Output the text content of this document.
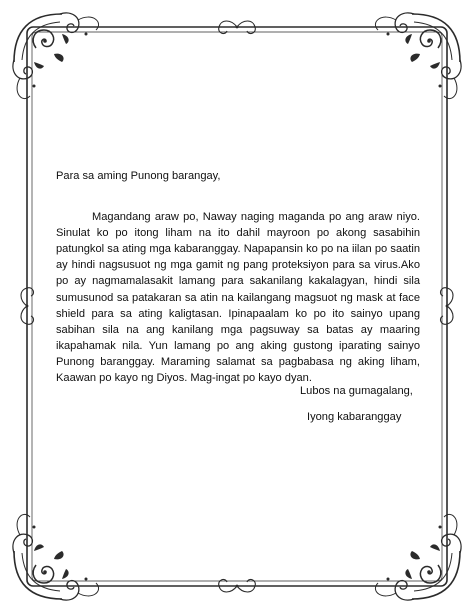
Para sa aming Punong barangay,

Magandang araw po, Naway naging maganda po ang araw niyo. Sinulat ko po itong liham na ito dahil mayroon po akong sasabihin patungkol sa ating mga kabaranggay. Napapansin ko po na iilan po saatin ay hindi nagsusuot ng mga gamit ng pang proteksiyon para sa virus.Ako po ay nagmamalasakit lamang para sakanilang kakalagyan, hindi sila sumusunod sa patakaran sa atin na kailangang magsuot ng mask at face shield para sa ating kaligtasan. Ipinapaalam ko po ito sainyo upang sabihan sila na ang kanilang mga pagsuway sa batas ay maaring ikapahamak nila. Yun lamang po ang aking gustong iparating sainyo Punong baranggay. Maraming salamat sa pagbabasa ng aking liham, Kaawan po kayo ng Diyos. Mag-ingat po kayo dyan.

Lubos na gumagalang,
Iyong kabaranggay
